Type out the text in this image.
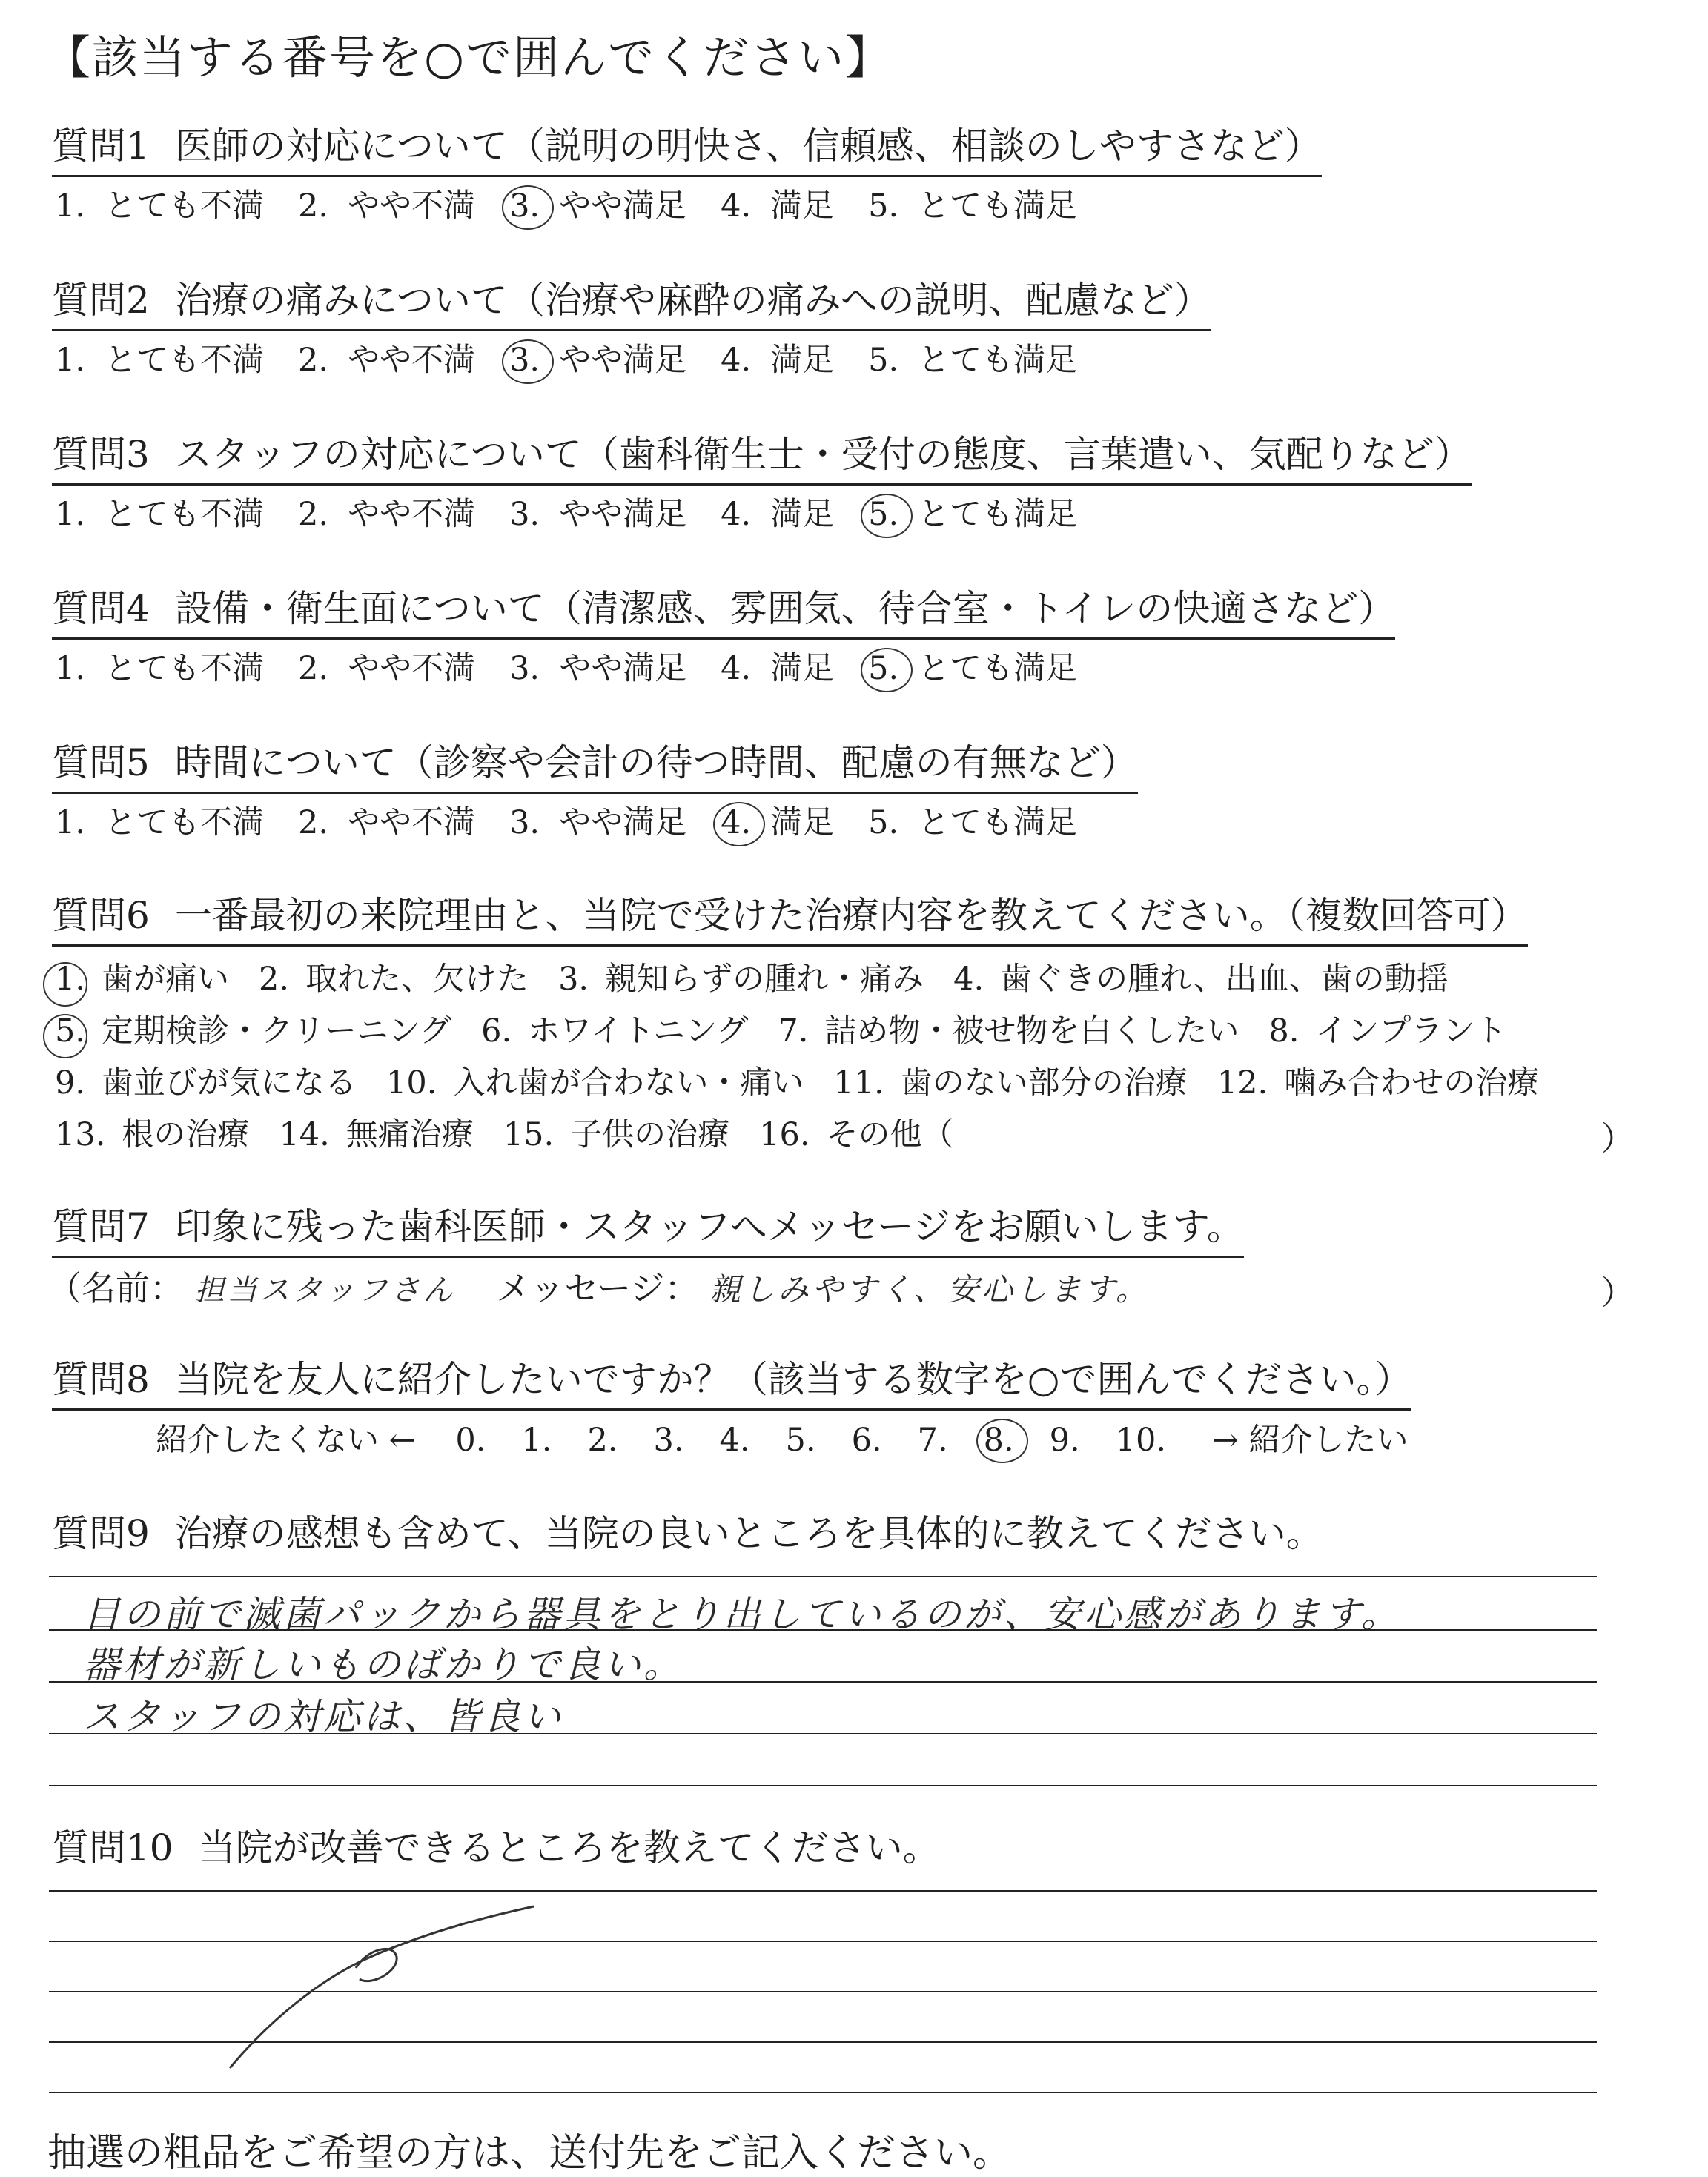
【該当する番号を○で囲んでください】
質問1 医師の対応について（説明の明快さ、信頼感、相談のしやすさなど）
1. とても不満 2. やや不満 3. やや満足 4. 満足 5. とても満足
質問2 治療の痛みについて（治療や麻酔の痛みへの説明、配慮など）
1. とても不満 2. やや不満 3. やや満足 4. 満足 5. とても満足
質問3 スタッフの対応について（歯科衛生士・受付の態度、言葉遣い、気配りなど）
1. とても不満 2. やや不満 3. やや満足 4. 満足 5. とても満足
質問4 設備・衛生面について（清潔感、雰囲気、待合室・トイレの快適さなど）
1. とても不満 2. やや不満 3. やや満足 4. 満足 5. とても満足
質問5 時間について（診察や会計の待つ時間、配慮の有無など）
1. とても不満 2. やや不満 3. やや満足 4. 満足 5. とても満足
質問6 一番最初の来院理由と、当院で受けた治療内容を教えてください。（複数回答可）
1. 歯が痛い 2. 取れた、欠けた 3. 親知らずの腫れ・痛み 4. 歯ぐきの腫れ、出血、歯の動揺
5. 定期検診・クリーニング 6. ホワイトニング 7. 詰め物・被せ物を白くしたい 8. インプラント
9. 歯並びが気になる 10. 入れ歯が合わない・痛い 11. 歯のない部分の治療 12. 噛み合わせの治療
13. 根の治療 14. 無痛治療 15. 子供の治療 16. その他（	）
質問7 印象に残った歯科医師・スタッフへメッセージをお願いします。
（名前： 担当スタッフさん メッセージ： 親しみやすく、安心します。	）
質問8 当院を友人に紹介したいですか？（該当する数字を○で囲んでください。）
紹介したくない ← 0. 1. 2. 3. 4. 5. 6. 7. 8. 9. 10. → 紹介したい
質問9 治療の感想も含めて、当院の良いところを具体的に教えてください。
目の前で滅菌パックから器具をとり出しているのが、安心感があります。
器材が新しいものばかりで良い。
スタッフの対応は、皆良い
質問10 当院が改善できるところを教えてください。
抽選の粗品をご希望の方は、送付先をご記入ください。
